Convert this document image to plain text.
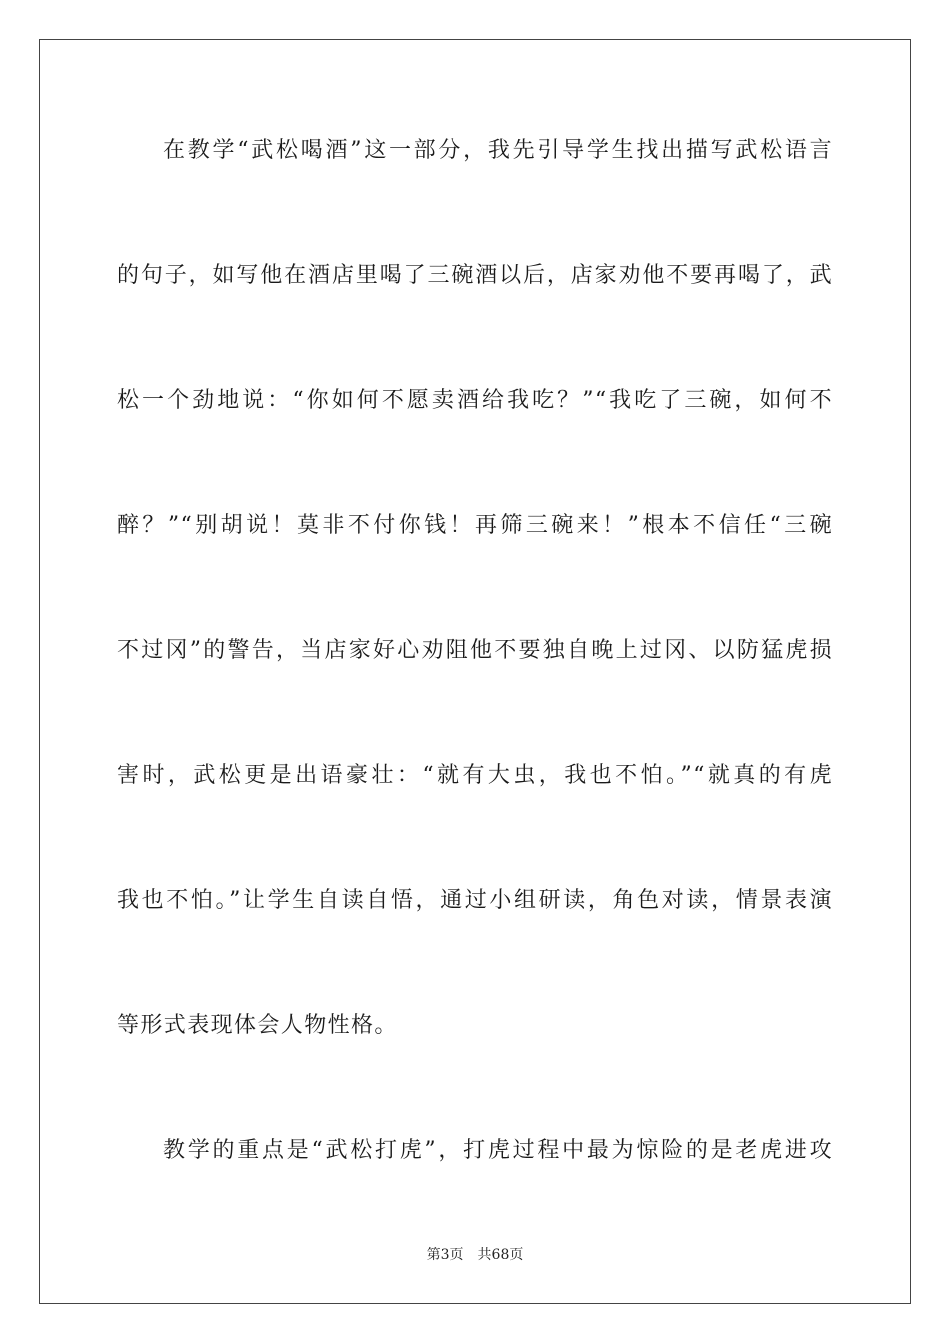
在教学“武松喝酒”这一部分，我先引导学生找出描写武松语言
的句子，如写他在酒店里喝了三碗酒以后，店家劝他不要再喝了，武
松一个劲地说：“你如何不愿卖酒给我吃？”“我吃了三碗，如何不
醉？”“别胡说！莫非不付你钱！再筛三碗来！”根本不信任“三碗
不过冈”的警告，当店家好心劝阻他不要独自晚上过冈、以防猛虎损
害时，武松更是出语豪壮：“就有大虫，我也不怕。”“就真的有虎
我也不怕。”让学生自读自悟，通过小组研读，角色对读，情景表演
等形式表现体会人物性格。
教学的重点是“武松打虎”，打虎过程中最为惊险的是老虎进攻
第3页 共68页
